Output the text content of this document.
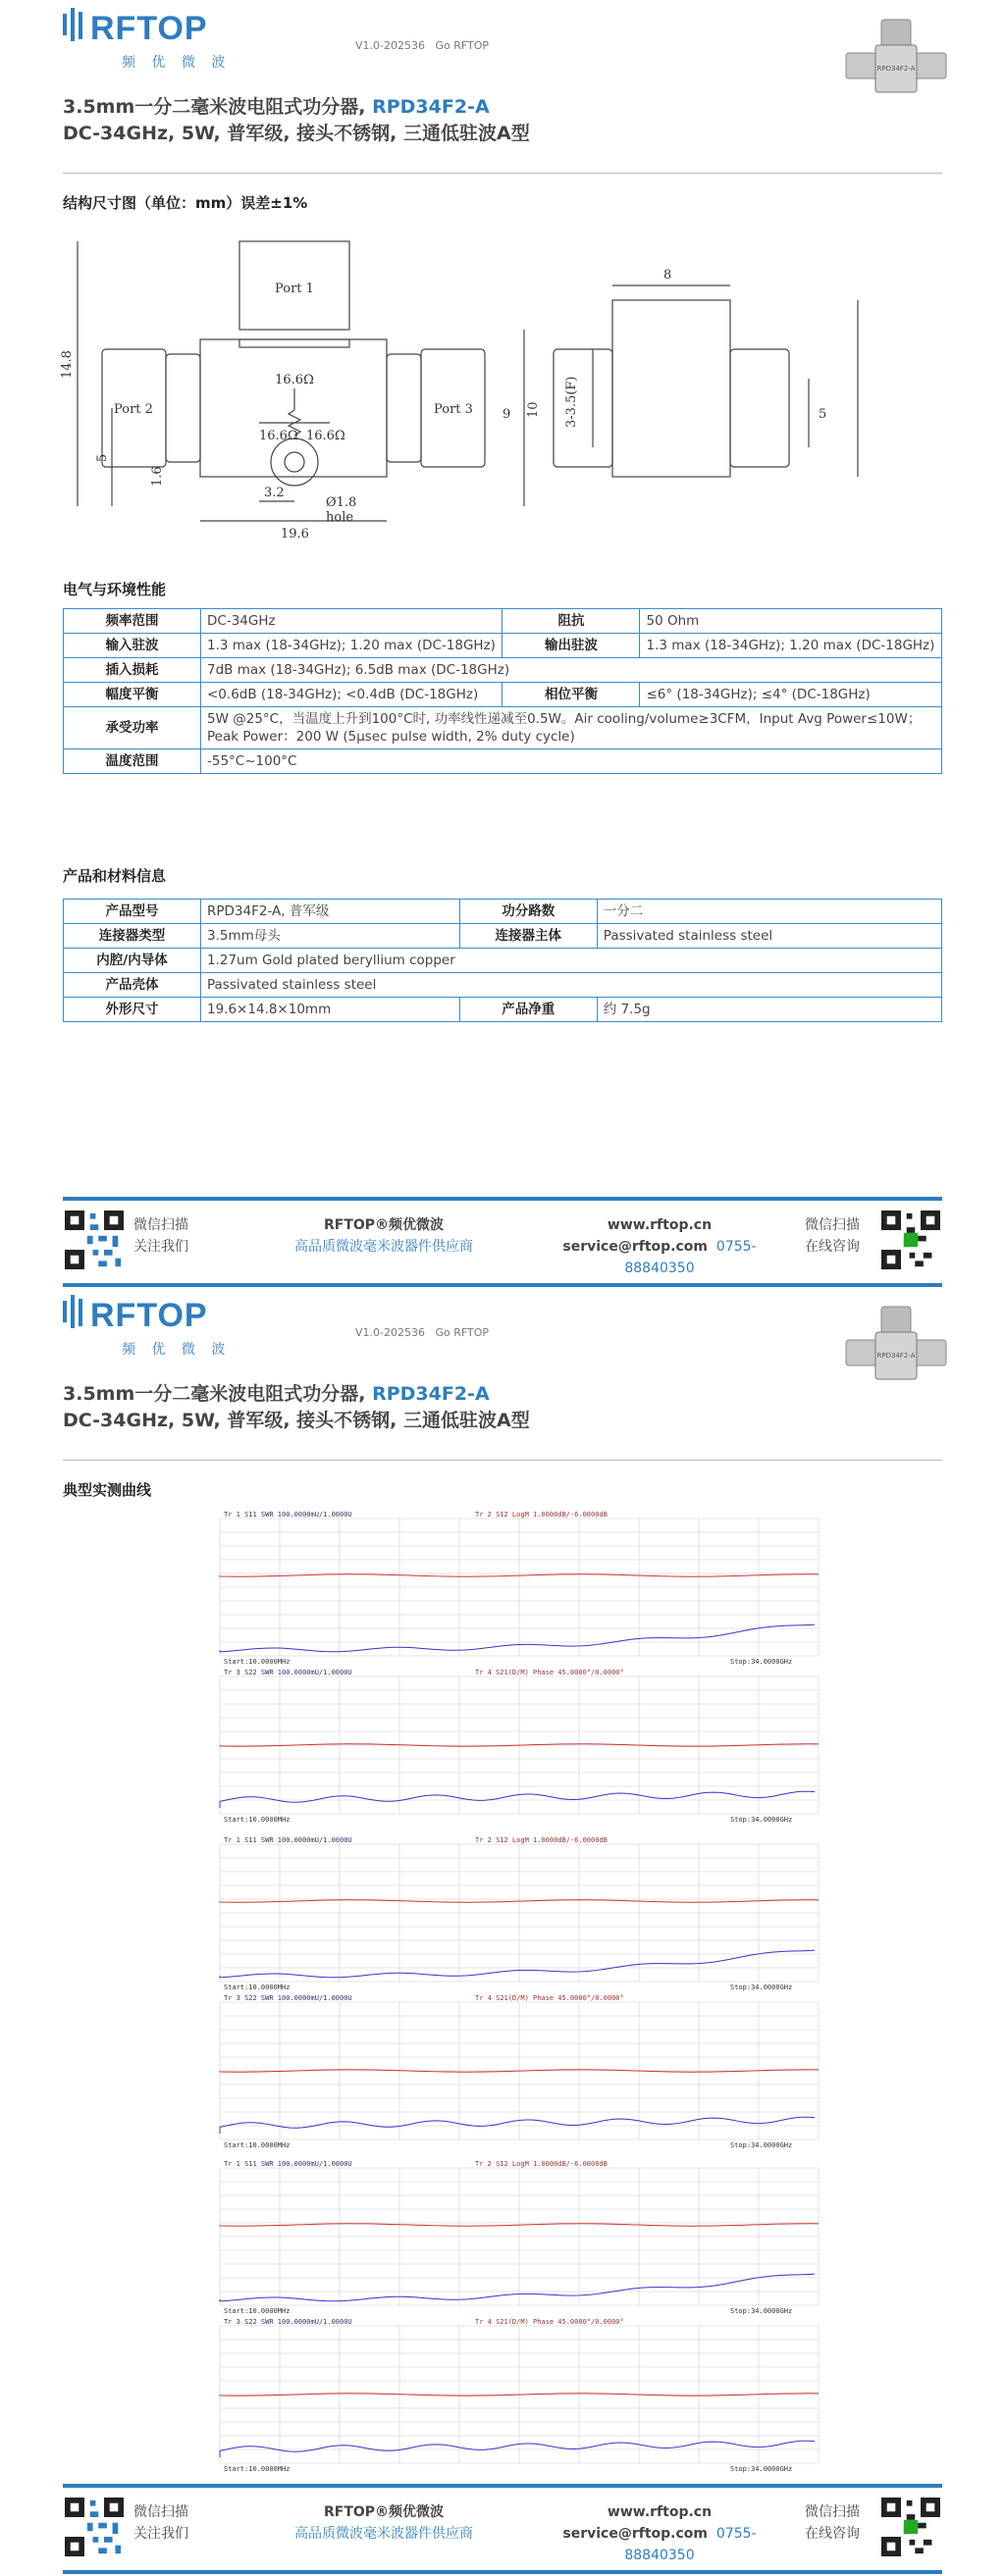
RFTOP
频 优 微 波
V1.0-202536 Go RFTOP
RPD34F2-A
3.5mm一分二毫米波电阻式功分器, RPD34F2-A
DC-34GHz, 5W, 普军级, 接头不锈钢, 三通低驻波A型
结构尺寸图（单位：mm）误差±1%
Port 1
Port 2	Port 3
16.6Ω
16.6Ω 16.6Ω
Ø1.8
hole
14.8
5
1.6
3.2
19.6
9
8
10 3-3.5(F)	5
电气与环境性能
频率范围	DC-34GHz	阻抗	50 Ohm
输入驻波	1.3 max (18-34GHz); 1.20 max (DC-18GHz)	输出驻波	1.3 max (18-34GHz); 1.20 max (DC-18GHz)
插入损耗	7dB max (18-34GHz); 6.5dB max (DC-18GHz)		
幅度平衡	<0.6dB (18-34GHz); <0.4dB (DC-18GHz)	相位平衡	≤6° (18-34GHz); ≤4° (DC-18GHz)
承受功率	5W @25°C，当温度上升到100°C时, 功率线性递减至0.5W。Air cooling/volume≥3CFM，Input Avg Power≤10W；Peak Power：200 W (5μsec pulse width, 2% duty cycle)		
温度范围	-55°C~100°C		
产品和材料信息
产品型号	RPD34F2-A, 普军级	功分路数	一分二
连接器类型	3.5mm母头	连接器主体	Passivated stainless steel
内腔/内导体	1.27um Gold plated beryllium copper		
产品壳体	Passivated stainless steel		
外形尺寸	19.6×14.8×10mm	产品净重	约 7.5g
微信扫描
关注我们
RFTOP®频优微波
高品质微波毫米波器件供应商
www.rftop.cn
service@rftop.com 0755-88840350
微信扫描
在线咨询
RFTOP
频 优 微 波
V1.0-202536 Go RFTOP
RPD34F2-A
3.5mm一分二毫米波电阻式功分器, RPD34F2-A
DC-34GHz, 5W, 普军级, 接头不锈钢, 三通低驻波A型
典型实测曲线
Tr 1 S11 SWR 100.0000mU/1.0000U	Tr 2 S12 LogM 1.0000dB/-6.0000dB
Start:10.0000MHz	Stop:34.0000GHz
Tr 3 S22 SWR 100.0000mU/1.0000U	Tr 4 S21(D/M) Phase 45.0000°/0.0000°
Start:10.0000MHz	Stop:34.0000GHz
Tr 1 S11 SWR 100.0000mU/1.0000U	Tr 2 S12 LogM 1.0000dB/-6.0000dB
Start:10.0000MHz	Stop:34.0000GHz
Tr 3 S22 SWR 100.0000mU/1.0000U	Tr 4 S21(D/M) Phase 45.0000°/0.0000°
Start:10.0000MHz	Stop:34.0000GHz
Tr 1 S11 SWR 100.0000mU/1.0000U	Tr 2 S12 LogM 1.0000dB/-6.0000dB
Start:10.0000MHz	Stop:34.0000GHz
Tr 3 S22 SWR 100.0000mU/1.0000U	Tr 4 S21(D/M) Phase 45.0000°/0.0000°
Start:10.0000MHz	Stop:34.0000GHz
微信扫描
关注我们
RFTOP®频优微波
高品质微波毫米波器件供应商
www.rftop.cn
service@rftop.com 0755-88840350
微信扫描
在线咨询
